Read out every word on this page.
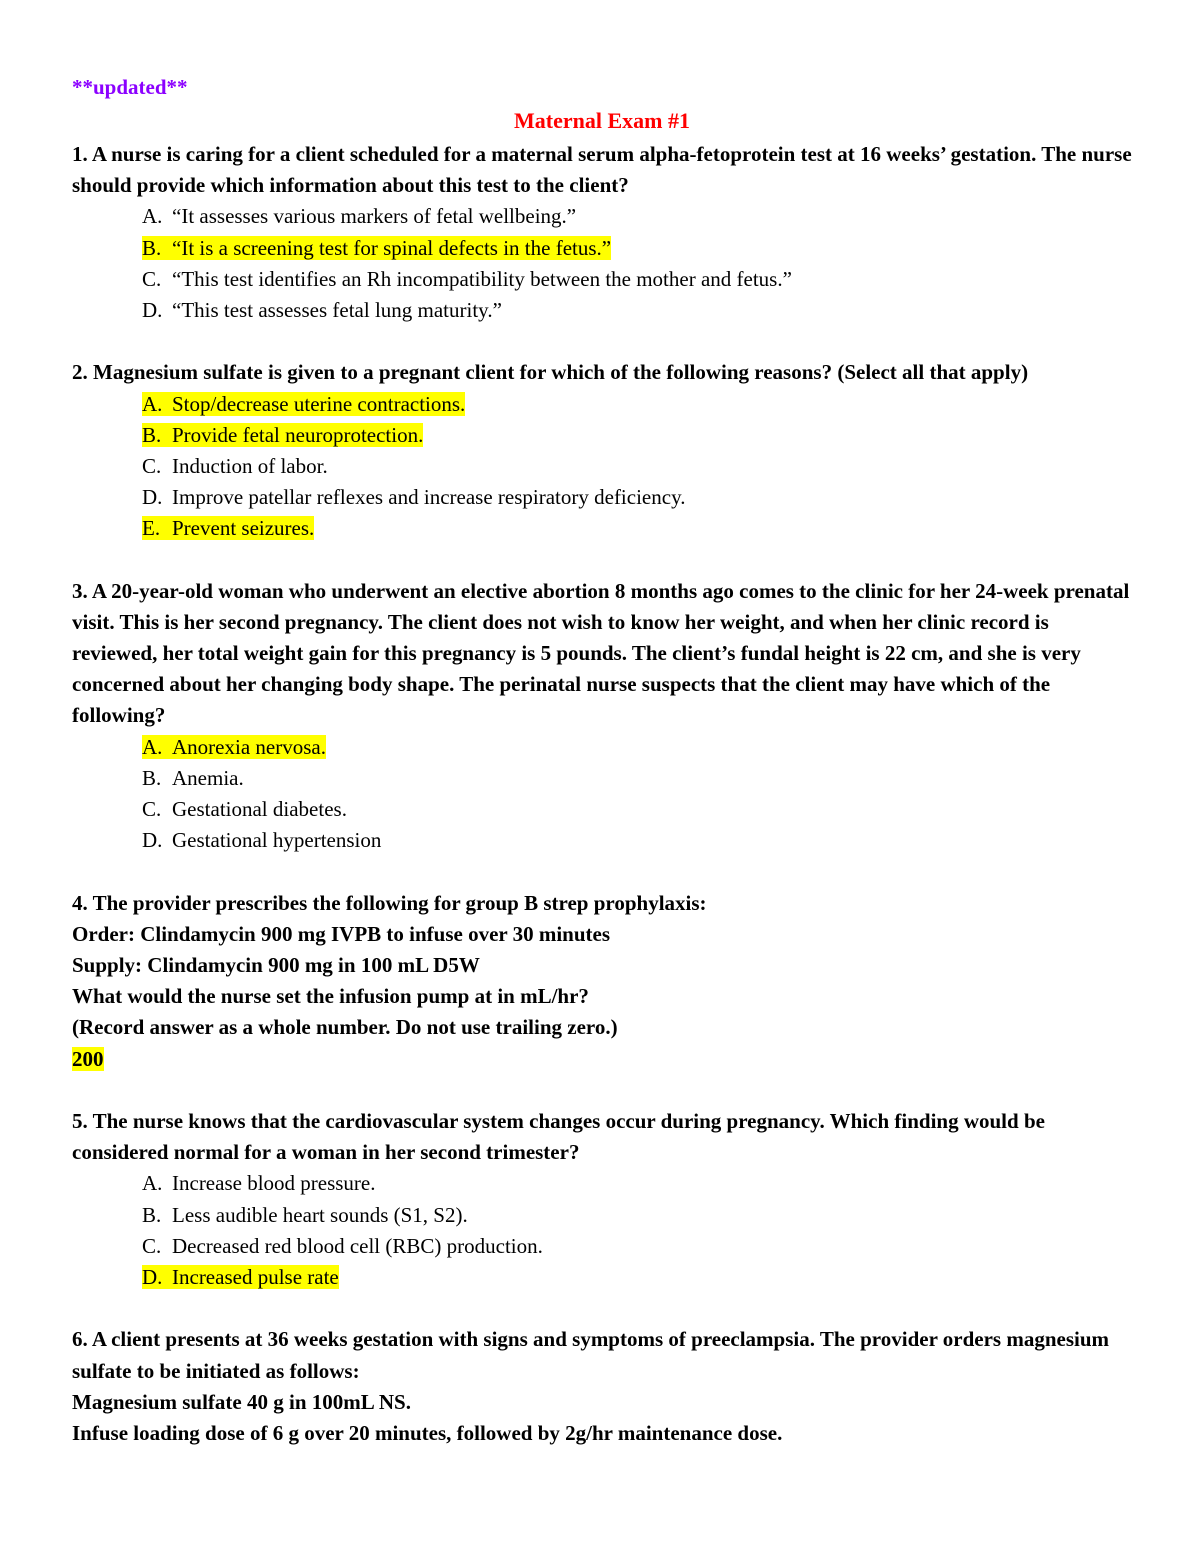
**updated**
Maternal Exam #1
1. A nurse is caring for a client scheduled for a maternal serum alpha-fetoprotein test at 16 weeks’ gestation. The nurse should provide which information about this test to the client?
A. “It assesses various markers of fetal wellbeing.”
B. “It is a screening test for spinal defects in the fetus.”
C. “This test identifies an Rh incompatibility between the mother and fetus.”
D. “This test assesses fetal lung maturity.”
2. Magnesium sulfate is given to a pregnant client for which of the following reasons? (Select all that apply)
A. Stop/decrease uterine contractions.
B. Provide fetal neuroprotection.
C. Induction of labor.
D. Improve patellar reflexes and increase respiratory deficiency.
E. Prevent seizures.
3. A 20-year-old woman who underwent an elective abortion 8 months ago comes to the clinic for her 24-week prenatal visit. This is her second pregnancy. The client does not wish to know her weight, and when her clinic record is reviewed, her total weight gain for this pregnancy is 5 pounds. The client’s fundal height is 22 cm, and she is very concerned about her changing body shape. The perinatal nurse suspects that the client may have which of the following?
A. Anorexia nervosa.
B. Anemia.
C. Gestational diabetes.
D. Gestational hypertension
4. The provider prescribes the following for group B strep prophylaxis:
Order: Clindamycin 900 mg IVPB to infuse over 30 minutes
Supply: Clindamycin 900 mg in 100 mL D5W
What would the nurse set the infusion pump at in mL/hr?
(Record answer as a whole number. Do not use trailing zero.)
200
5. The nurse knows that the cardiovascular system changes occur during pregnancy. Which finding would be considered normal for a woman in her second trimester?
A. Increase blood pressure.
B. Less audible heart sounds (S1, S2).
C. Decreased red blood cell (RBC) production.
D. Increased pulse rate
6. A client presents at 36 weeks gestation with signs and symptoms of preeclampsia. The provider orders magnesium sulfate to be initiated as follows:
Magnesium sulfate 40 g in 100mL NS.
Infuse loading dose of 6 g over 20 minutes, followed by 2g/hr maintenance dose.
